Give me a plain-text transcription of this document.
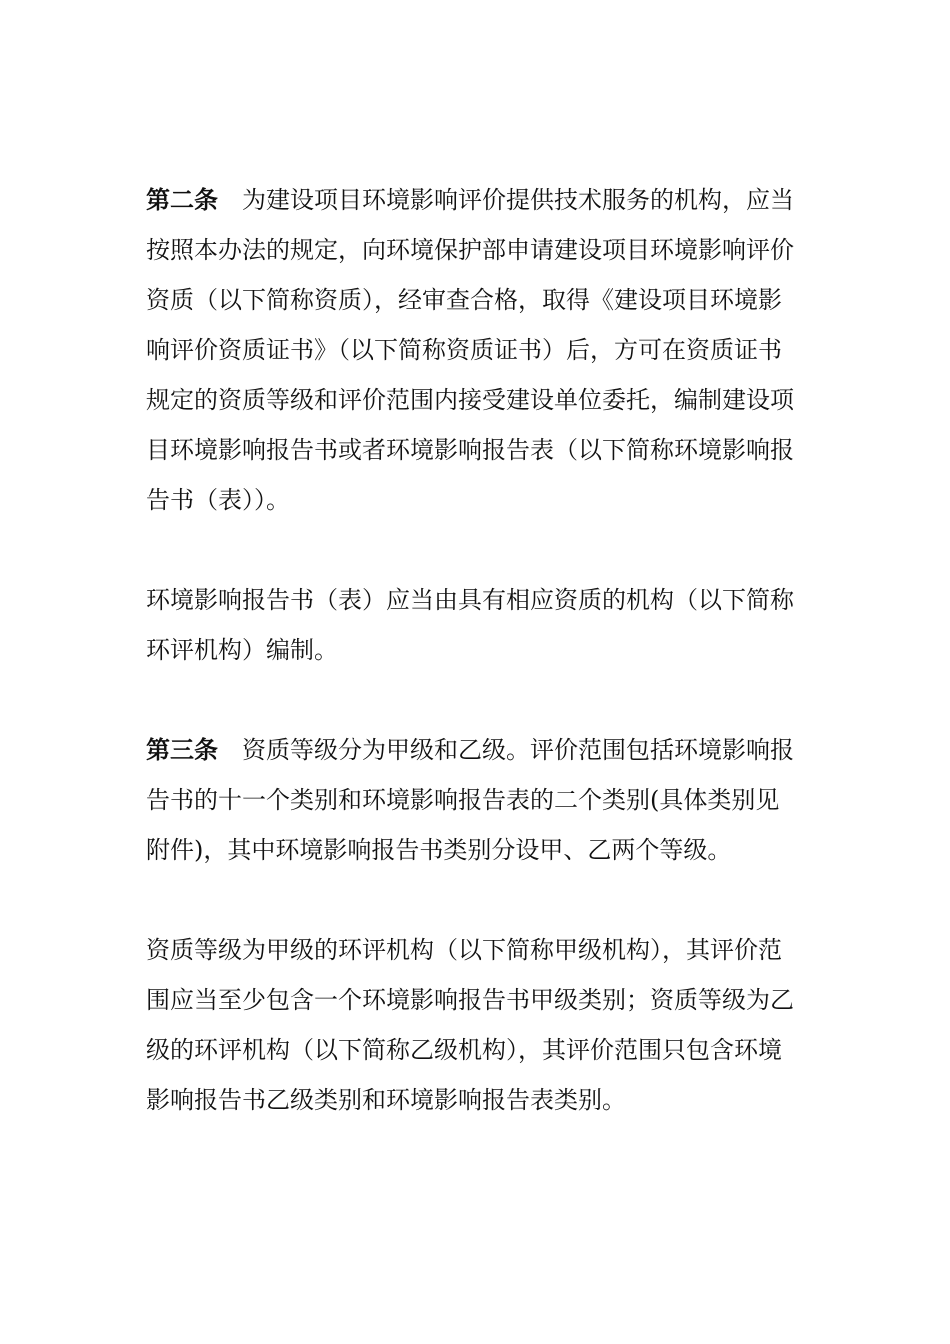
第二条 为建设项目环境影响评价提供技术服务的机构，应当
按照本办法的规定，向环境保护部申请建设项目环境影响评价
资质（以下简称资质），经审查合格，取得《建设项目环境影
响评价资质证书》（以下简称资质证书）后，方可在资质证书
规定的资质等级和评价范围内接受建设单位委托，编制建设项
目环境影响报告书或者环境影响报告表（以下简称环境影响报
告书（表））。
环境影响报告书（表）应当由具有相应资质的机构（以下简称
环评机构）编制。
第三条 资质等级分为甲级和乙级。评价范围包括环境影响报
告书的十一个类别和环境影响报告表的二个类别(具体类别见
附件)，其中环境影响报告书类别分设甲、乙两个等级。
资质等级为甲级的环评机构（以下简称甲级机构），其评价范
围应当至少包含一个环境影响报告书甲级类别；资质等级为乙
级的环评机构（以下简称乙级机构），其评价范围只包含环境
影响报告书乙级类别和环境影响报告表类别。
